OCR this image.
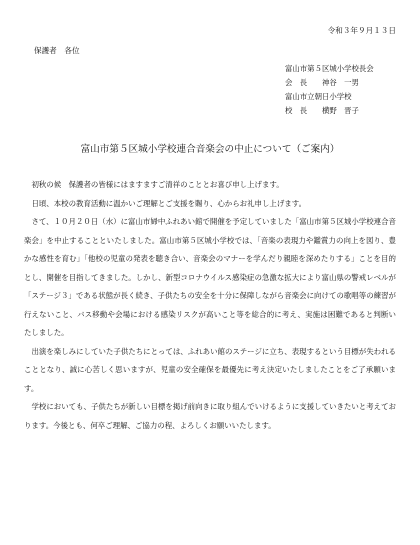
令和３年９月１３日
保護者　各位
富山市第５区城小学校長会
会　長　　神谷　一男
富山市立朝日小学校
校　長　　横野　晋子
富山市第５区城小学校連合音楽会の中止について（ご案内）

初秋の候　保護者の皆様にはますますご清祥のこととお喜び申し上げます。

日頃、本校の教育活動に温かいご理解とご支援を賜り、心からお礼申し上げます。

さて、１０月２０日（水）に富山市婦中ふれあい館で開催を予定していました「富山市第５区城小学校連合音楽会」を中止することといたしました。富山市第５区城小学校では、「音楽の表現力や鑑賞力の向上を図り、豊かな感性を育む」「他校の児童の発表を聴き合い、音楽会のマナーを学んだり親睦を深めたりする」ことを目的とし、開催を目指してきました。しかし、新型コロナウイルス感染症の急激な拡大により富山県の警戒レベルが「ステージ３」である状態が長く続き、子供たちの安全を十分に保障しながら音楽会に向けての歌唱等の練習が行えないこと、バス移動や会場における感染リスクが高いこと等を総合的に考え、実施は困難であると判断いたしました。

出演を楽しみにしていた子供たちにとっては、ふれあい館のステージに立ち、表現するという目標が失われることとなり、誠に心苦しく思いますが、児童の安全確保を最優先に考え決定いたしましたことをご了承願います。

学校においても、子供たちが新しい目標を掲げ前向きに取り組んでいけるように支援していきたいと考えております。今後とも、何卒ご理解、ご協力の程、よろしくお願いいたします。
